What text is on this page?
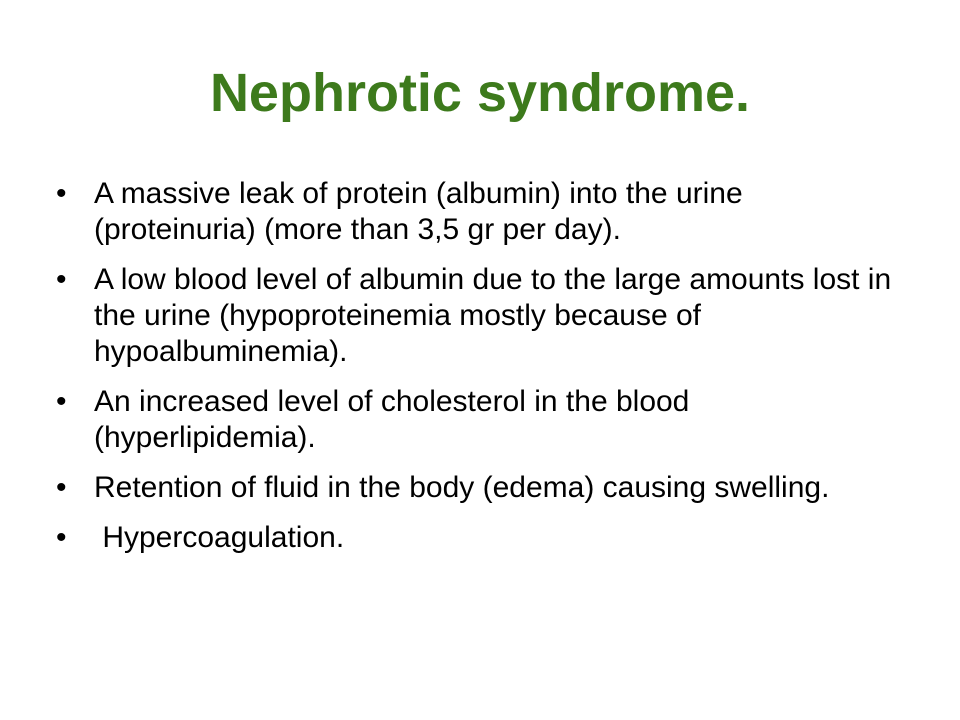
Nephrotic syndrome.
• A massive leak of protein (albumin) into the urine (proteinuria) (more than 3,5 gr per day).
• A low blood level of albumin due to the large amounts lost in the urine (hypoproteinemia mostly because of hypoalbuminemia).
• An increased level of cholesterol in the blood (hyperlipidemia).
• Retention of fluid in the body (edema) causing swelling.
• Hypercoagulation.
